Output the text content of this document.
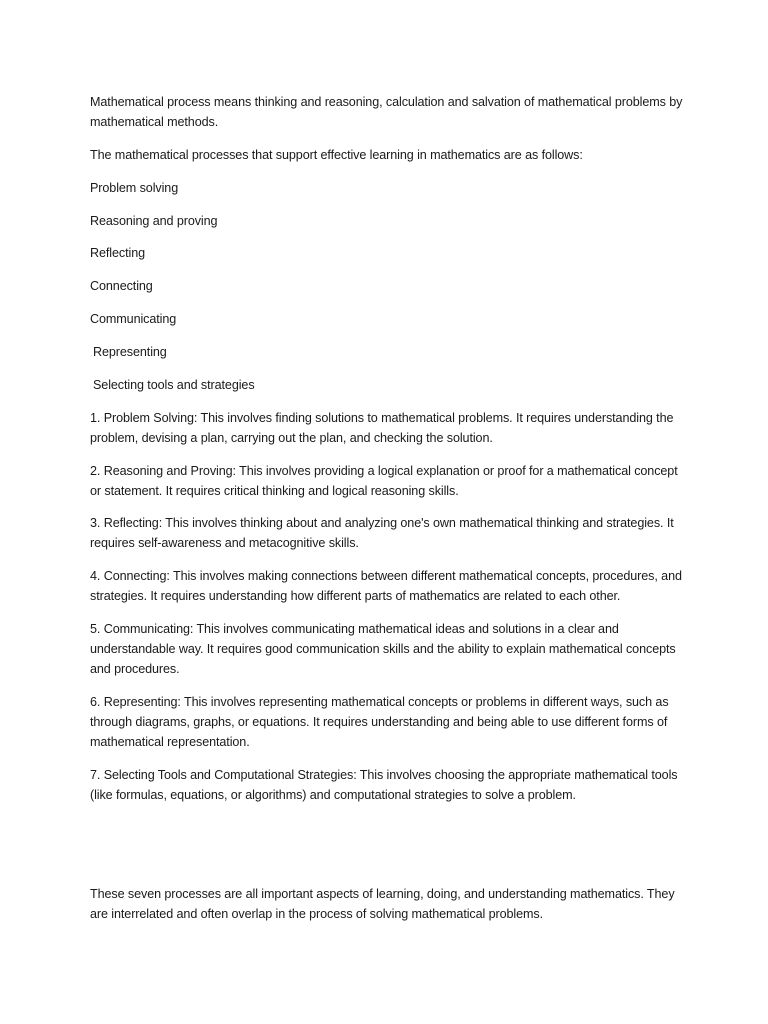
Mathematical process means thinking and reasoning, calculation and salvation of mathematical problems by mathematical methods.

The mathematical processes that support effective learning in mathematics are as follows:

Problem solving

Reasoning and proving

Reflecting

Connecting

Communicating

Representing

Selecting tools and strategies

1. Problem Solving: This involves finding solutions to mathematical problems. It requires understanding the problem, devising a plan, carrying out the plan, and checking the solution.

2. Reasoning and Proving: This involves providing a logical explanation or proof for a mathematical concept or statement. It requires critical thinking and logical reasoning skills.

3. Reflecting: This involves thinking about and analyzing one's own mathematical thinking and strategies. It requires self-awareness and metacognitive skills.

4. Connecting: This involves making connections between different mathematical concepts, procedures, and strategies. It requires understanding how different parts of mathematics are related to each other.

5. Communicating: This involves communicating mathematical ideas and solutions in a clear and understandable way. It requires good communication skills and the ability to explain mathematical concepts and procedures.

6. Representing: This involves representing mathematical concepts or problems in different ways, such as through diagrams, graphs, or equations. It requires understanding and being able to use different forms of mathematical representation.

7. Selecting Tools and Computational Strategies: This involves choosing the appropriate mathematical tools (like formulas, equations, or algorithms) and computational strategies to solve a problem.

These seven processes are all important aspects of learning, doing, and understanding mathematics. They are interrelated and often overlap in the process of solving mathematical problems.
